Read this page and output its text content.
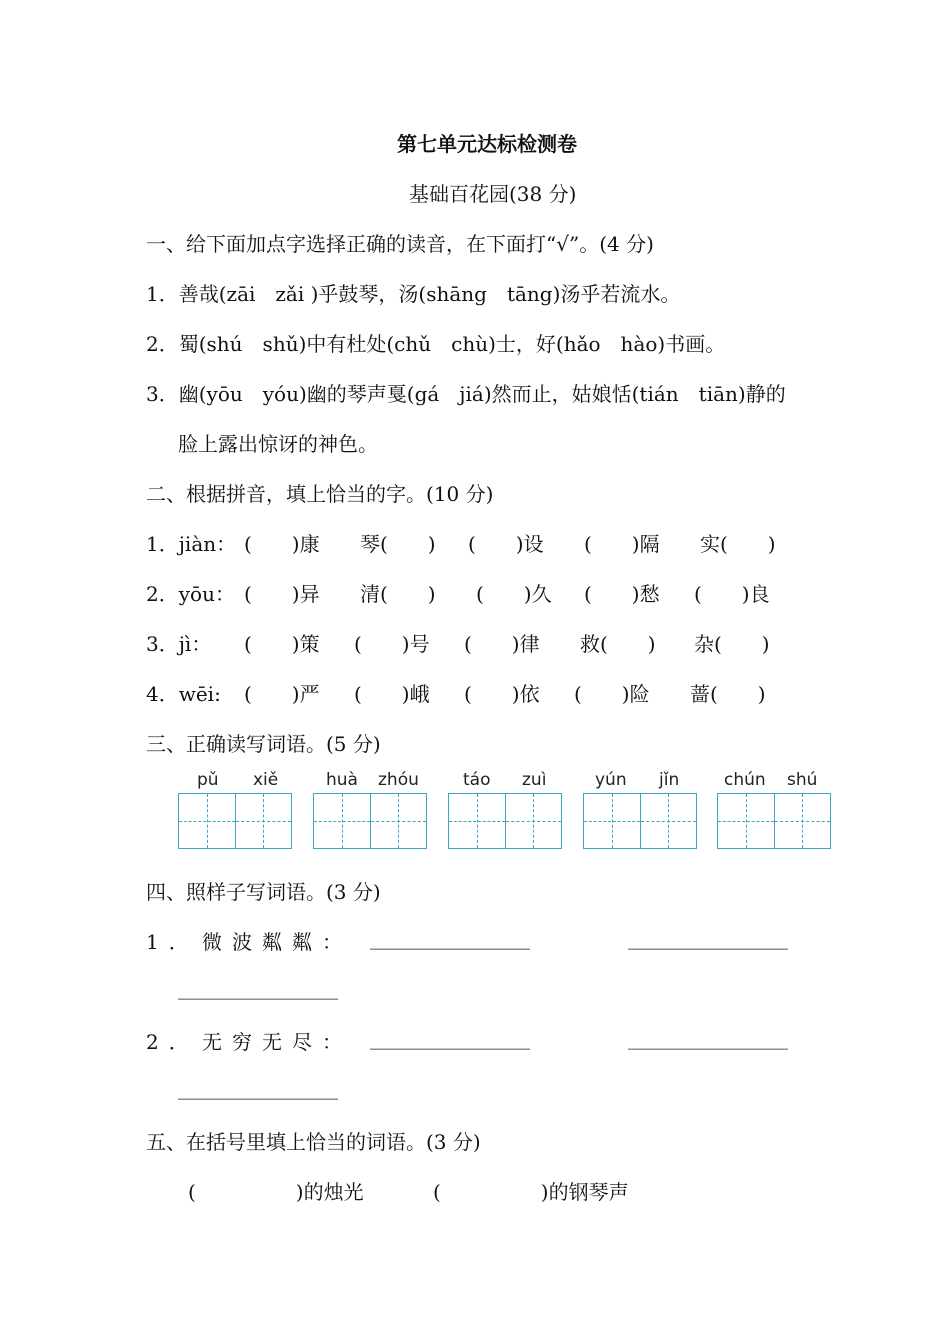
第七单元达标检测卷
基础百花园(38 分)
一、给下面加点字选择正确的读音，在下面打“√”。(4 分)
1．善哉(zāi　zǎi )乎鼓琴，汤(shāng　tāng)汤乎若流水。
2．蜀(shú　shǔ)中有杜处(chǔ　chù)士，好(hǎo　hào)书画。
3．幽(yōu　yóu)幽的琴声戛(gá　jiá)然而止，姑娘恬(tián　tiān)静的
脸上露出惊讶的神色。
二、根据拼音，填上恰当的字。(10 分)
1．jiàn： (　　)康 琴(　　) (　　)设 (　　)隔 实(　　)
2．yōu： (　　)异 清(　　) (　　)久 (　　)愁 (　　)良
3．jì： (　　)策 (　　)号 (　　)律 救(　　) 杂(　　)
4．wēi: (　　)严 (　　)峨 (　　)依 (　　)险 蔷(　　)
三、正确读写词语。(5 分)
pǔ xiě	huà zhóu	táo zuì	yún jǐn	chún shú
四、照样子写词语。(3 分)
1． 微波粼粼： ________________	________________
________________
2． 无穷无尽： ________________	________________
________________
五、在括号里填上恰当的词语。(3 分)
(　　　　　)的烛光	(　　　　　)的钢琴声
